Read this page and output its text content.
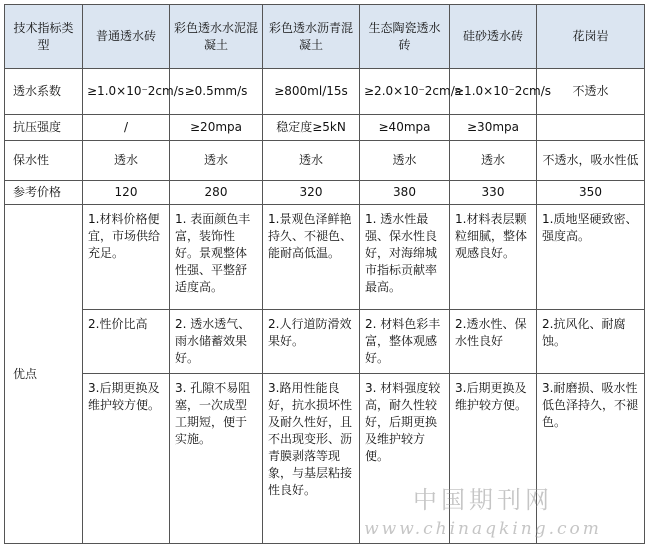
技术指标类型	普通透水砖	彩色透水水泥混凝土	彩色透水沥青混凝土	生态陶瓷透水砖	硅砂透水砖	花岗岩
透水系数	≥1.0×10⁻2cm/s	≥0.5mm/s	≥800ml/15s	≥2.0×10⁻2cm/s	≥1.0×10⁻2cm/s	不透水
抗压强度	/	≥20mpa	稳定度≥5kN	≥40mpa	≥30mpa	
保水性	透水	透水	透水	透水	透水	不透水，吸水性低
参考价格	120	280	320	380	330	350
优点	1.材料价格便宜，市场供给充足。	1. 表面颜色丰富，装饰性好。景观整体性强、平整舒适度高。	1.景观色泽鲜艳持久、不褪色、能耐高低温。	1. 透水性最强、保水性良好，对海绵城市指标贡献率最高。	1.材料表层颗粒细腻，整体观感良好。	1.质地坚硬致密、强度高。
	2.性价比高	2. 透水透气、雨水储蓄效果好。	2.人行道防滑效果好。	2. 材料色彩丰富，整体观感好。	2.透水性、保水性良好	2.抗风化、耐腐蚀。
	3.后期更换及维护较方便。	3. 孔隙不易阻塞，一次成型工期短，便于实施。	3.路用性能良好，抗水损坏性及耐久性好，且不出现变形、沥青膜剥落等现象，与基层粘接性良好。	3. 材料强度较高，耐久性较好，后期更换及维护较方便。	3.后期更换及维护较方便。	3.耐磨损、吸水性低色泽持久，不褪色。
中国期刊网
www.chinaqking.com
